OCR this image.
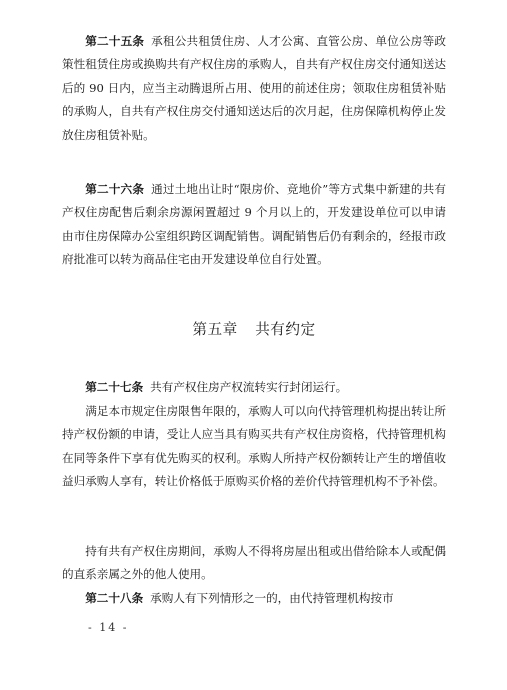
第二十五条 承租公共租赁住房、人才公寓、直管公房、单位公房等政策性租赁住房或换购共有产权住房的承购人，自共有产权住房交付通知送达后的 90 日内，应当主动腾退所占用、使用的前述住房；领取住房租赁补贴的承购人，自共有产权住房交付通知送达后的次月起，住房保障机构停止发放住房租赁补贴。

第二十六条 通过土地出让时“限房价、竞地价”等方式集中新建的共有产权住房配售后剩余房源闲置超过 9 个月以上的，开发建设单位可以申请由市住房保障办公室组织跨区调配销售。调配销售后仍有剩余的，经报市政府批准可以转为商品住宅由开发建设单位自行处置。

第五章 共有约定

第二十七条 共有产权住房产权流转实行封闭运行。

满足本市规定住房限售年限的，承购人可以向代持管理机构提出转让所持产权份额的申请，受让人应当具有购买共有产权住房资格，代持管理机构在同等条件下享有优先购买的权利。承购人所持产权份额转让产生的增值收益归承购人享有，转让价格低于原购买价格的差价代持管理机构不予补偿。

持有共有产权住房期间，承购人不得将房屋出租或出借给除本人或配偶的直系亲属之外的他人使用。

第二十八条 承购人有下列情形之一的，由代持管理机构按市

- 14 -
